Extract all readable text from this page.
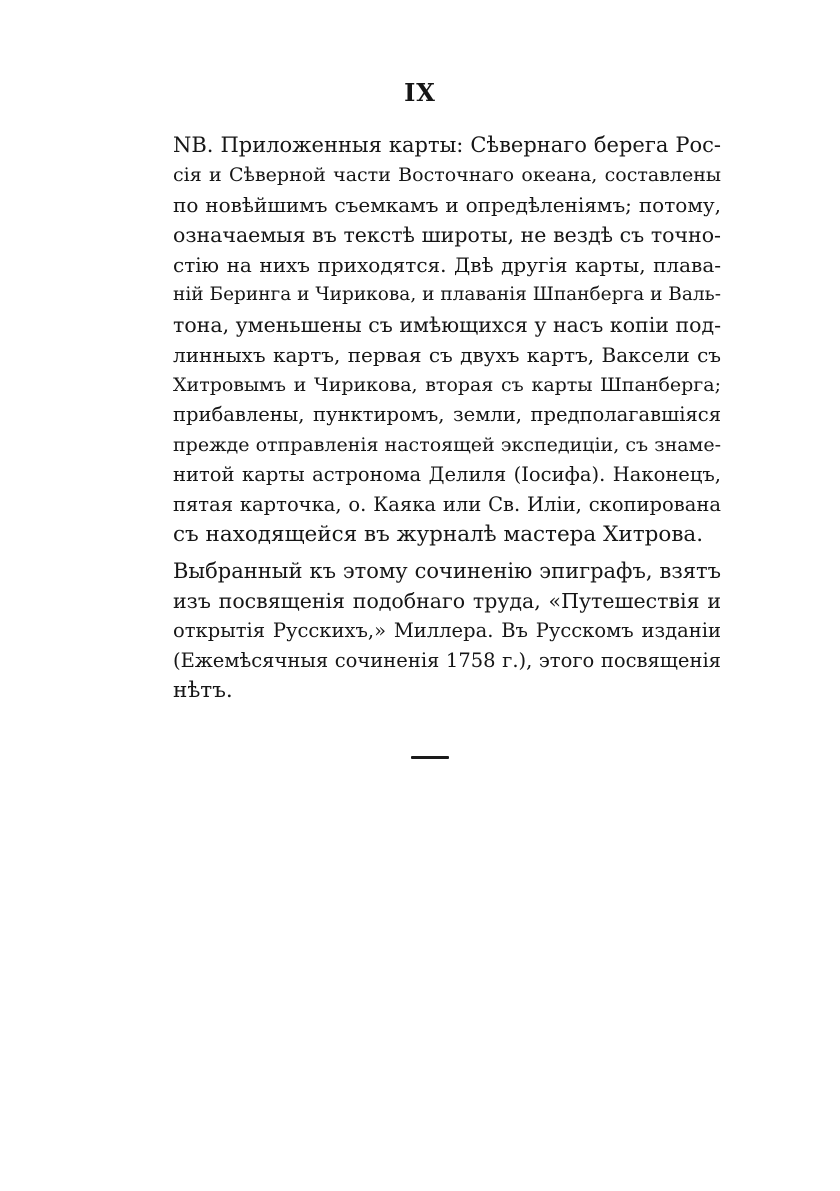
IX
NB. Приложенныя карты: Сѣвернаго берега Рос-
сія и Сѣверной части Восточнаго океана, составлены
по новѣйшимъ съемкамъ и опредѣленіямъ; потому,
означаемыя въ текстѣ широты, не вездѣ съ точно-
стію на нихъ приходятся. Двѣ другія карты, плава-
ній Беринга и Чирикова, и плаванія Шпанберга и Валь-
тона, уменьшены съ имѣющихся у насъ копіи под-
линныхъ картъ, первая съ двухъ картъ, Ваксели съ
Хитровымъ и Чирикова, вторая съ карты Шпанберга;
прибавлены, пунктиромъ, земли, предполагавшіяся
прежде отправленія настоящей экспедиціи, съ знаме-
нитой карты астронома Делиля (Іосифа). Наконецъ,
пятая карточка, о. Каяка или Св. Иліи, скопирована
съ находящейся въ журналѣ мастера Хитрова.
Выбранный къ этому сочиненію эпиграфъ, взятъ
изъ посвященія подобнаго труда, «Путешествія и
открытія Русскихъ,» Миллера. Въ Русскомъ изданіи
(Ежемѣсячныя сочиненія 1758 г.), этого посвященія
нѣтъ.
